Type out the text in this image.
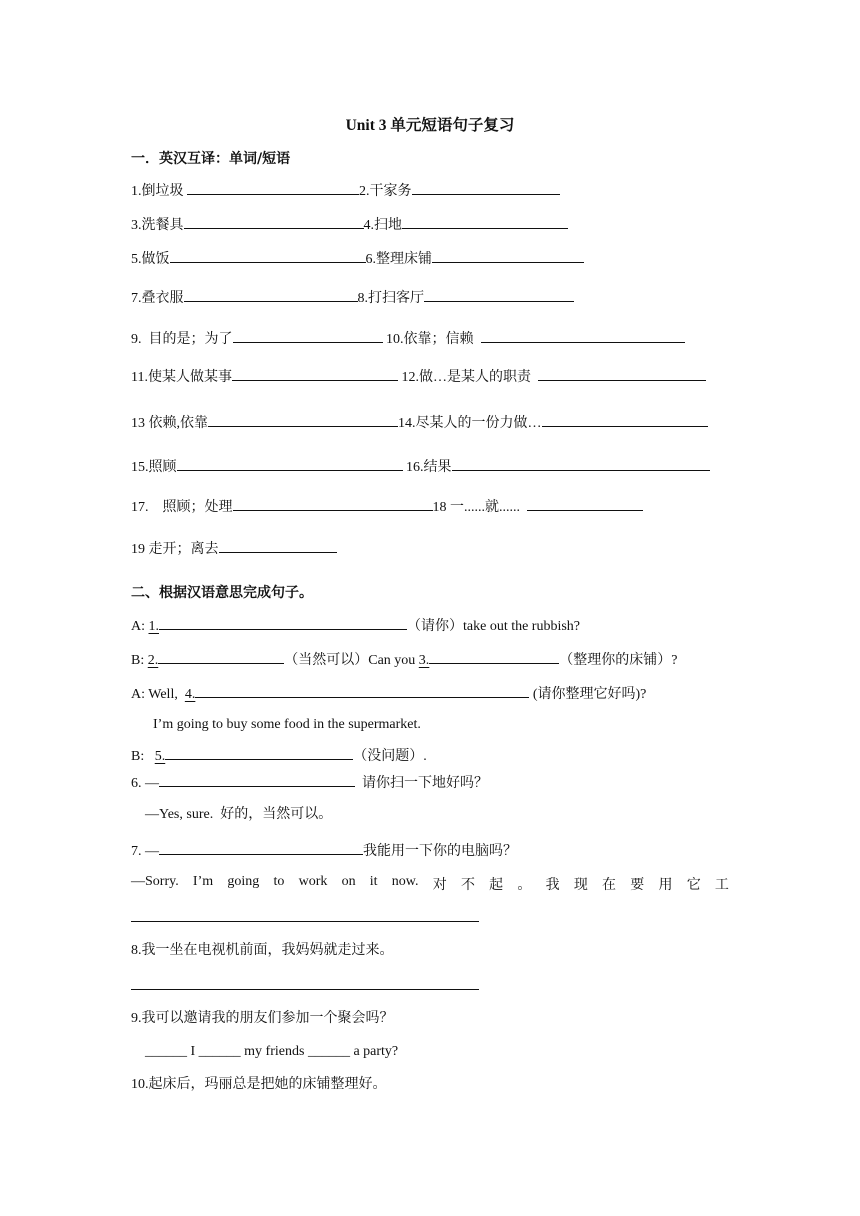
Unit 3 单元短语句子复习
一．英汉互译：单词/短语
1.倒垃圾	2.干家务
3.洗餐具	4.扫地
5.做饭	6.整理床铺
7.叠衣服	8.打扫客厅
9.  目的是；为了	10.依靠；信赖
11.使某人做某事	12.做…是某人的职责
13 依赖,依靠	14.尽某人的一份力做…
15.照顾	16.结果
17.    照顾；处理	18 一......就......
19 走开；离去
二、根据汉语意思完成句子。
A: 1.	（请你）take out the rubbish?
B: 2.	（当然可以）Can you 3.	（整理你的床铺）?
A: Well,  4.	(请你整理它好吗)?
I’m going to buy some food in the supermarket.
B:   5.	（没问题）.
6. —	请你扫一下地好吗？
—Yes, sure.  好的，当然可以。
7. —	我能用一下你的电脑吗？
—Sorry. I’m going to work on it now. 对 不 起 。 我 现 在 要 用 它 工
8.我一坐在电视机前面，我妈妈就走过来。
9.我可以邀请我的朋友们参加一个聚会吗？
______ I ______ my friends ______ a party?
10.起床后，玛丽总是把她的床铺整理好。
